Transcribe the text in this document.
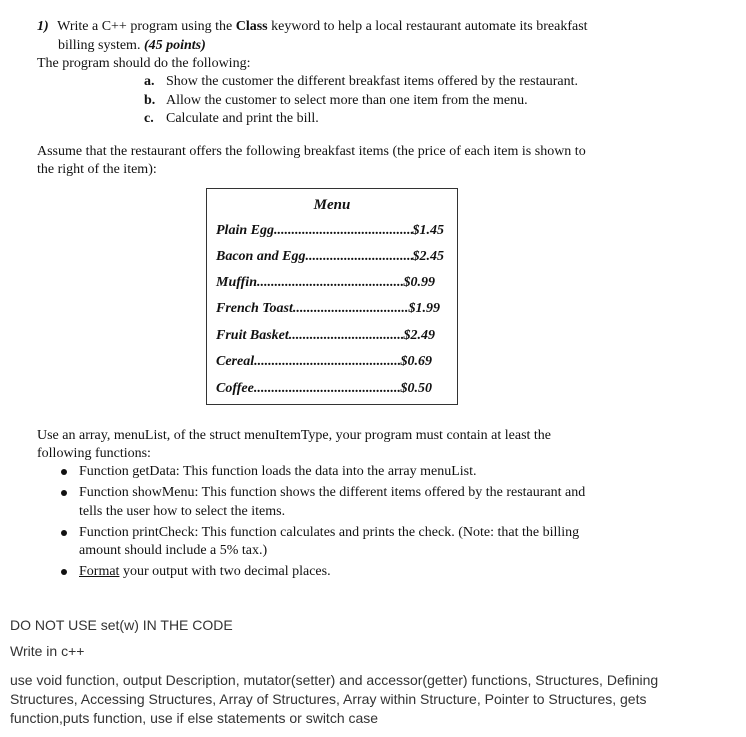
1) Write a C++ program using the Class keyword to help a local restaurant automate its breakfast
billing system. (45 points)
The program should do the following:
a. Show the customer the different breakfast items offered by the restaurant.
b. Allow the customer to select more than one item from the menu.
c. Calculate and print the bill.
Assume that the restaurant offers the following breakfast items (the price of each item is shown to
the right of the item):
Menu
Plain Egg .....	$1.45
Bacon and Egg .....	$2.45
Muffin .....	$0.99
French Toast .....	$1.99
Fruit Basket .....	$2.49
Cereal .....	$0.69
Coffee .....	$0.50
Use an array, menuList, of the struct menuItemType, your program must contain at least the
following functions:
Function getData: This function loads the data into the array menuList.
Function showMenu: This function shows the different items offered by the restaurant and
tells the user how to select the items.
Function printCheck: This function calculates and prints the check. (Note: that the billing
amount should include a 5% tax.)
Format your output with two decimal places.
DO NOT USE set(w) IN THE CODE
Write in c++
use void function, output Description, mutator(setter) and accessor(getter) functions, Structures, Defining
Structures, Accessing Structures, Array of Structures, Array within Structure, Pointer to Structures, gets
function,puts function, use if else statements or switch case
